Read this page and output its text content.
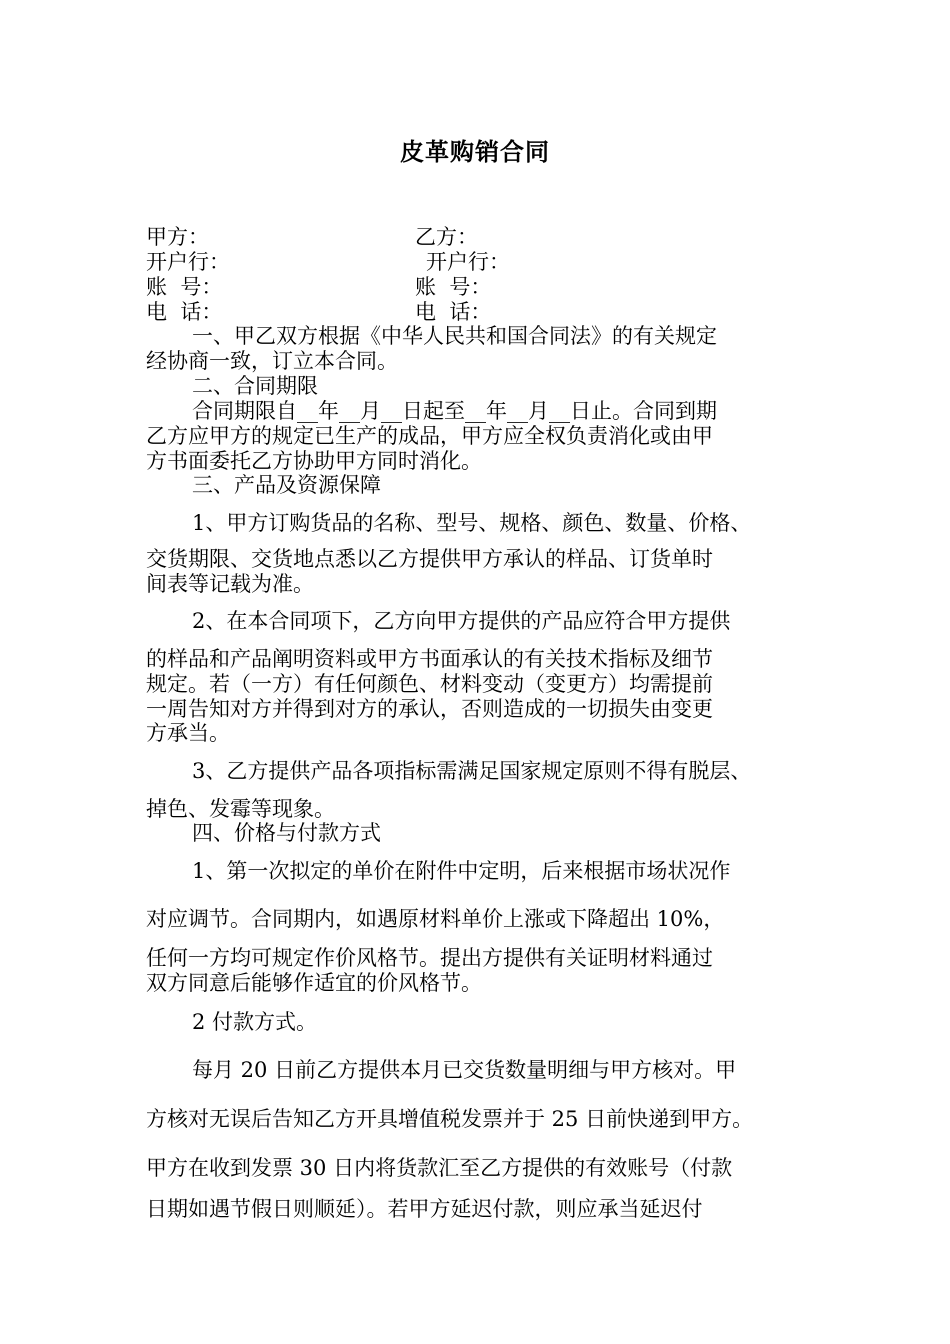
皮革购销合同
甲方：	乙方：
开户行：	开户行：
账  号：	账  号：
电  话：	电  话：
一、甲乙双方根据《中华人民共和国合同法》的有关规定
经协商一致，订立本合同。
二、合同期限
合同期限自__年__月__日起至__年__月__日止。合同到期
乙方应甲方的规定已生产的成品，甲方应全权负责消化或由甲
方书面委托乙方协助甲方同时消化。
三、产品及资源保障
1、甲方订购货品的名称、型号、规格、颜色、数量、价格、
交货期限、交货地点悉以乙方提供甲方承认的样品、订货单时
间表等记载为准。
2、在本合同项下，乙方向甲方提供的产品应符合甲方提供
的样品和产品阐明资料或甲方书面承认的有关技术指标及细节
规定。若（一方）有任何颜色、材料变动（变更方）均需提前
一周告知对方并得到对方的承认，否则造成的一切损失由变更
方承当。
3、乙方提供产品各项指标需满足国家规定原则不得有脱层、
掉色、发霉等现象。
四、价格与付款方式
1、第一次拟定的单价在附件中定明，后来根据市场状况作
对应调节。合同期内，如遇原材料单价上涨或下降超出 10%，
任何一方均可规定作价风格节。提出方提供有关证明材料通过
双方同意后能够作适宜的价风格节。
2 付款方式。
每月 20 日前乙方提供本月已交货数量明细与甲方核对。甲
方核对无误后告知乙方开具增值税发票并于 25 日前快递到甲方。
甲方在收到发票 30 日内将货款汇至乙方提供的有效账号（付款
日期如遇节假日则顺延）。若甲方延迟付款，则应承当延迟付
